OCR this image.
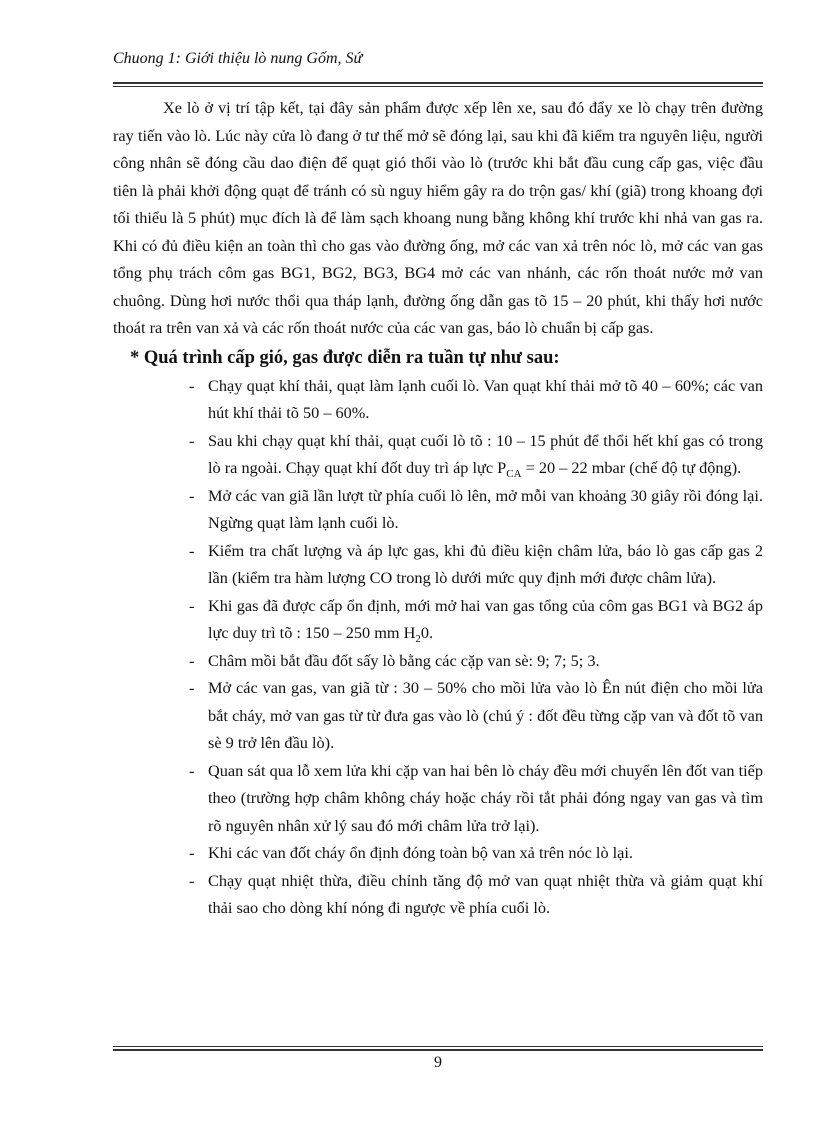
Chuong 1: Giới thiệu lò nung Gốm, Sứ

Xe lò ở vị trí tập kết, tại đây sản phẩm được xếp lên xe, sau đó đẩy xe lò chạy trên đường ray tiến vào lò. Lúc này cửa lò đang ở tư thế mở sẽ đóng lại, sau khi đã kiểm tra nguyên liệu, người công nhân sẽ đóng cầu dao điện để quạt gió thổi vào lò (trước khi bắt đầu cung cấp gas, việc đầu tiên là phải khởi động quạt để tránh có sù nguy hiểm gây ra do trộn gas/ khí (giã) trong khoang đợi tối thiểu là 5 phút) mục đích là để làm sạch khoang nung bằng không khí trước khi nhả van gas ra. Khi có đủ điều kiện an toàn thì cho gas vào đường ống, mở các van xả trên nóc lò, mở các van gas tổng phụ trách côm gas BG1, BG2, BG3, BG4 mở các van nhánh, các rốn thoát nước mở van chuông. Dùng hơi nước thổi qua tháp lạnh, đường ống dẫn gas tõ 15 – 20 phút, khi thấy hơi nước thoát ra trên van xả và các rốn thoát nước của các van gas, báo lò chuẩn bị cấp gas.

* Quá trình cấp gió, gas được diễn ra tuần tự như sau:
- Chạy quạt khí thải, quạt làm lạnh cuối lò. Van quạt khí thải mở tõ 40 – 60%; các van hút khí thải tõ 50 – 60%.
- Sau khi chạy quạt khí thải, quạt cuối lò tõ : 10 – 15 phút để thổi hết khí gas có trong lò ra ngoài. Chạy quạt khí đốt duy trì áp lực $P_{CA} = 20 - 22$ mbar (chế độ tự động).
- Mở các van giã lần lượt từ phía cuối lò lên, mở mỗi van khoảng 30 giây rồi đóng lại. Ngừng quạt làm lạnh cuối lò.
- Kiểm tra chất lượng và áp lực gas, khi đủ điều kiện châm lửa, báo lò gas cấp gas 2 lần (kiểm tra hàm lượng CO trong lò dưới mức quy định mới được châm lửa).
- Khi gas đã được cấp ổn định, mới mở hai van gas tổng của côm gas BG1 và BG2 áp lực duy trì tõ : 150 – 250 mm $H_20$.
- Châm mồi bắt đầu đốt sấy lò bằng các cặp van sè: 9; 7; 5; 3.
- Mở các van gas, van giã từ : 30 – 50% cho mồi lửa vào lò Ên nút điện cho mồi lửa bắt cháy, mở van gas từ từ đưa gas vào lò (chú ý : đốt đều từng cặp van và đốt tõ van sè 9 trở lên đầu lò).
- Quan sát qua lỗ xem lửa khi cặp van hai bên lò cháy đều mới chuyển lên đốt van tiếp theo (trường hợp châm không cháy hoặc cháy rồi tắt phải đóng ngay van gas và tìm rõ nguyên nhân xử lý sau đó mới châm lửa trở lại).
- Khi các van đốt cháy ổn định đóng toàn bộ van xả trên nóc lò lại.
- Chạy quạt nhiệt thừa, điều chỉnh tăng độ mở van quạt nhiệt thừa và giảm quạt khí thải sao cho dòng khí nóng đi ngược về phía cuối lò.
9
